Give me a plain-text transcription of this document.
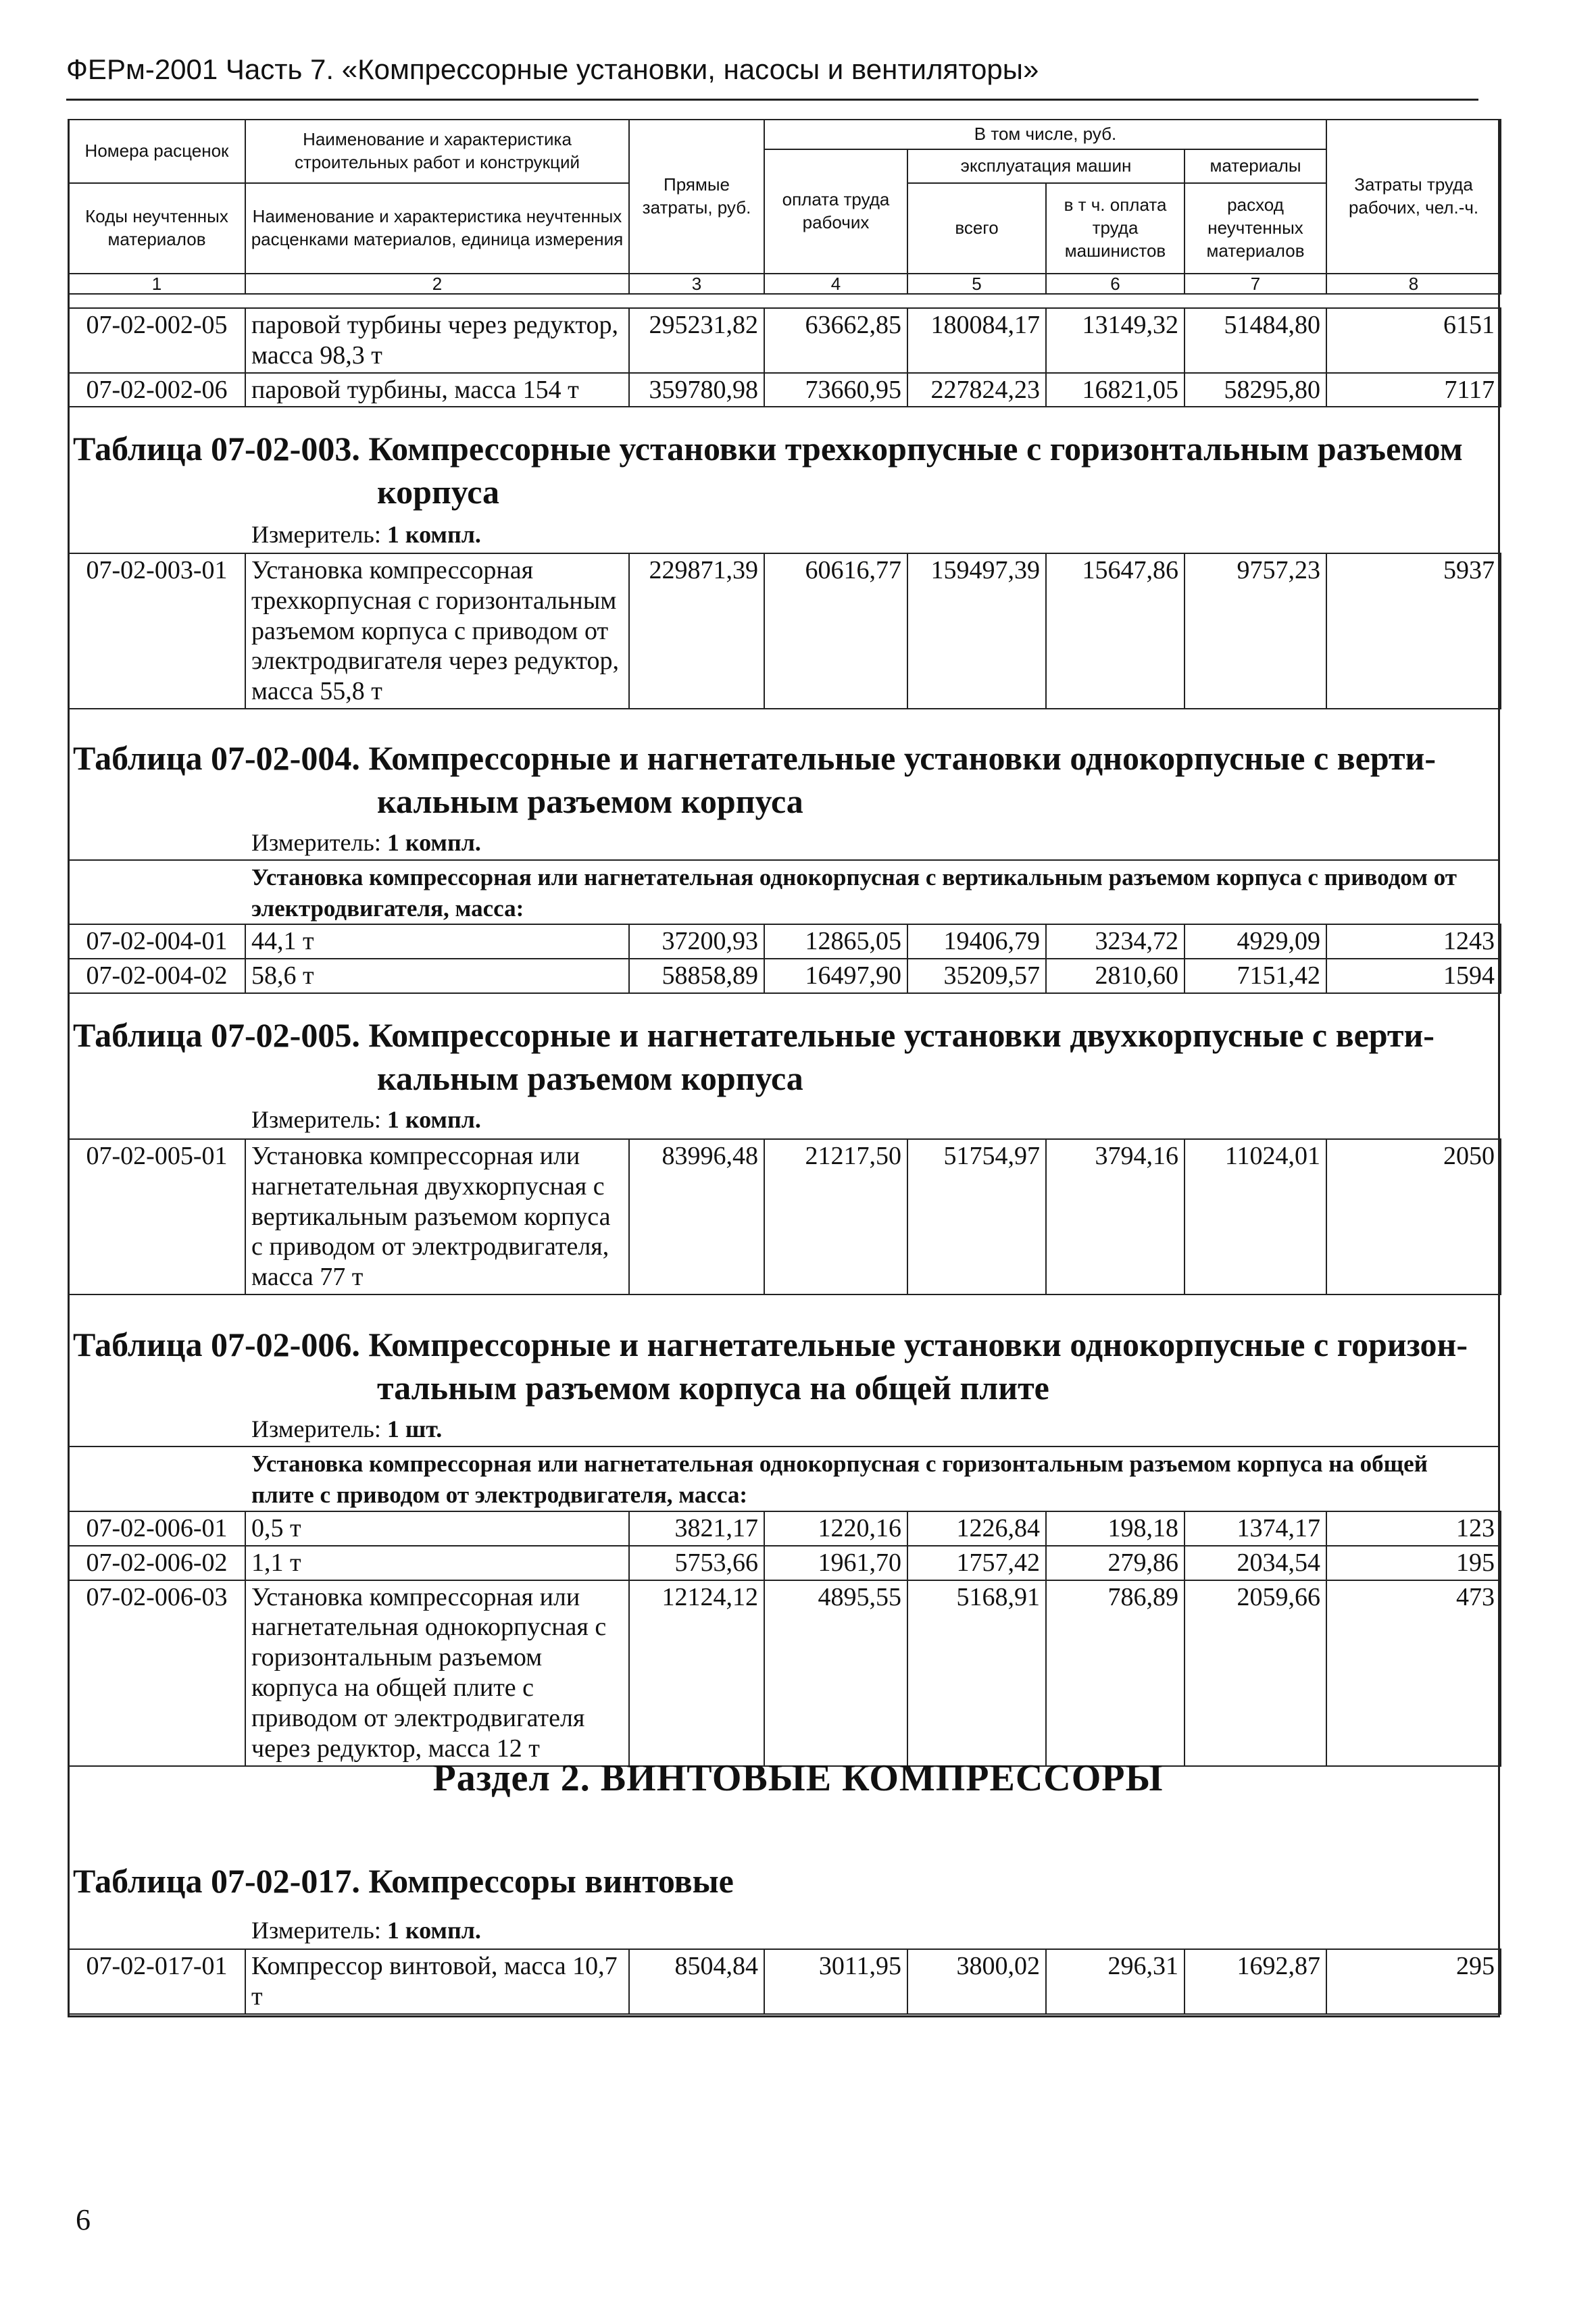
ФЕРм-2001 Часть 7. «Компрессорные установки, насосы и вентиляторы»
Номера расценок	Наименование и характеристика строительных работ и конструкций	Прямые затраты, руб.	В том числе, руб.				Затраты труда рабочих, чел.-ч.
			оплата труда рабочих	эксплуатация машин		материалы	
Коды неучтенных материалов	Наименование и характеристика неучтенных расценками материалов, единица измерения			всего	в т ч. оплата труда машинистов	расход неучтенных материалов	

1	2	3	4	5	6	7	8
07-02-002-05	паровой турбины через редуктор, масса 98,3 т	295231,82	63662,85	180084,17	13149,32	51484,80	6151
07-02-002-06	паровой турбины, масса 154 т	359780,98	73660,95	227824,23	16821,05	58295,80	7117
Таблица 07-02-003. Компрессорные установки трехкорпусные с горизонтальным разъемом
корпуса
Измеритель: 1 компл.
07-02-003-01	Установка компрессорная трехкорпусная с горизонтальным разъемом корпуса с приводом от электродвигателя через редуктор, масса 55,8 т	229871,39	60616,77	159497,39	15647,86	9757,23	5937
Таблица 07-02-004. Компрессорные и нагнетательные установки однокорпусные с верти-
кальным разъемом корпуса
Измеритель: 1 компл.
Установка компрессорная или нагнетательная однокорпусная с вертикальным разъемом корпуса с приводом от электродвигателя, масса:
07-02-004-01	44,1 т	37200,93	12865,05	19406,79	3234,72	4929,09	1243
07-02-004-02	58,6 т	58858,89	16497,90	35209,57	2810,60	7151,42	1594
Таблица 07-02-005. Компрессорные и нагнетательные установки двухкорпусные с верти-
кальным разъемом корпуса
Измеритель: 1 компл.
07-02-005-01	Установка компрессорная или нагнетательная двухкорпусная с вертикальным разъемом корпуса с приводом от электродвигателя, масса 77 т	83996,48	21217,50	51754,97	3794,16	11024,01	2050
Таблица 07-02-006. Компрессорные и нагнетательные установки однокорпусные с горизон-
тальным разъемом корпуса на общей плите
Измеритель: 1 шт.
Установка компрессорная или нагнетательная однокорпусная с горизонтальным разъемом корпуса на общей плите с приводом от электродвигателя, масса:
07-02-006-01	0,5 т	3821,17	1220,16	1226,84	198,18	1374,17	123
07-02-006-02	1,1 т	5753,66	1961,70	1757,42	279,86	2034,54	195
07-02-006-03	Установка компрессорная или нагнетательная однокорпусная с горизонтальным разъемом корпуса на общей плите с приводом от электродвигателя через редуктор, масса 12 т	12124,12	4895,55	5168,91	786,89	2059,66	473
Раздел 2. ВИНТОВЫЕ КОМПРЕССОРЫ
Таблица 07-02-017. Компрессоры винтовые
Измеритель: 1 компл.
07-02-017-01	Компрессор винтовой, масса 10,7 т	8504,84	3011,95	3800,02	296,31	1692,87	295
6
